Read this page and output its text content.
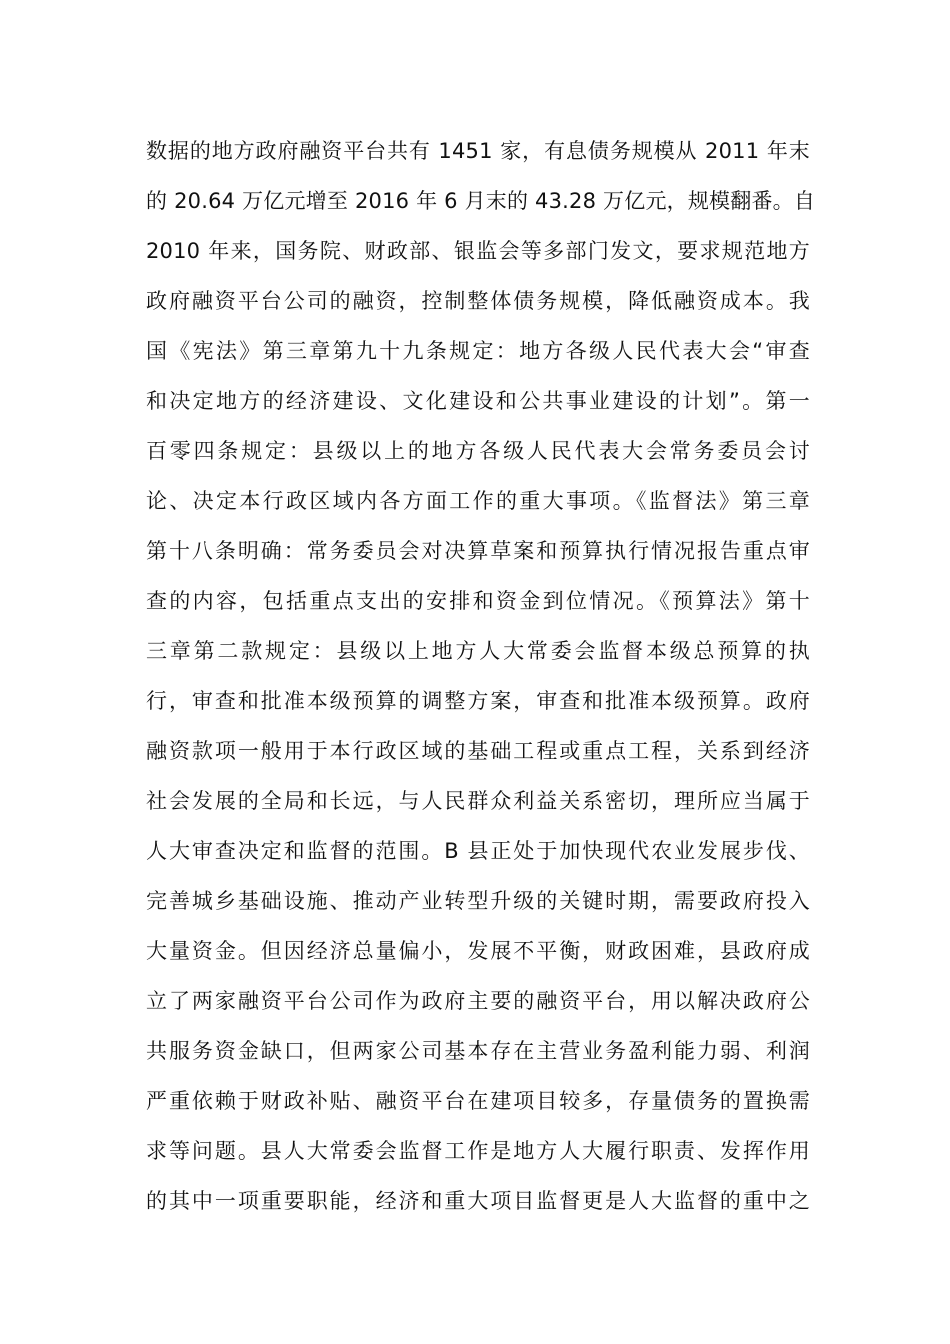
数据的地方政府融资平台共有 1451 家，有息债务规模从 2011 年末
的 20.64 万亿元增至 2016 年 6 月末的 43.28 万亿元，规模翻番。自
2010 年来，国务院、财政部、银监会等多部门发文，要求规范地方
政府融资平台公司的融资，控制整体债务规模，降低融资成本。我
国《宪法》第三章第九十九条规定：地方各级人民代表大会“审查
和决定地方的经济建设、文化建设和公共事业建设的计划”。第一
百零四条规定：县级以上的地方各级人民代表大会常务委员会讨
论、决定本行政区域内各方面工作的重大事项。《监督法》第三章
第十八条明确：常务委员会对决算草案和预算执行情况报告重点审
查的内容，包括重点支出的安排和资金到位情况。《预算法》第十
三章第二款规定：县级以上地方人大常委会监督本级总预算的执
行，审查和批准本级预算的调整方案，审查和批准本级预算。政府
融资款项一般用于本行政区域的基础工程或重点工程，关系到经济
社会发展的全局和长远，与人民群众利益关系密切，理所应当属于
人大审查决定和监督的范围。B 县正处于加快现代农业发展步伐、
完善城乡基础设施、推动产业转型升级的关键时期，需要政府投入
大量资金。但因经济总量偏小，发展不平衡，财政困难，县政府成
立了两家融资平台公司作为政府主要的融资平台，用以解决政府公
共服务资金缺口，但两家公司基本存在主营业务盈利能力弱、利润
严重依赖于财政补贴、融资平台在建项目较多，存量债务的置换需
求等问题。县人大常委会监督工作是地方人大履行职责、发挥作用
的其中一项重要职能，经济和重大项目监督更是人大监督的重中之
